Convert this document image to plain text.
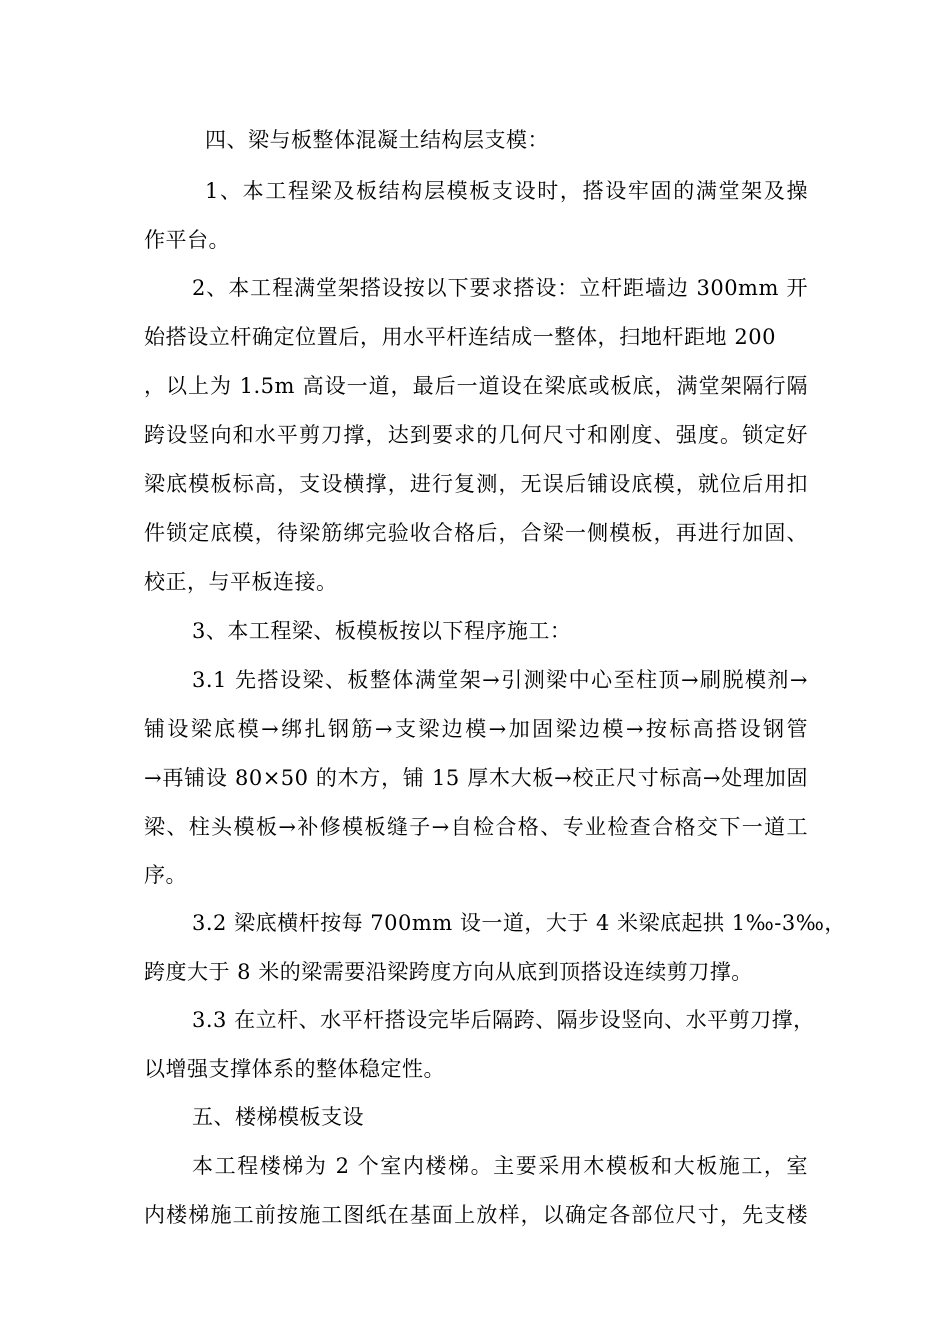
四、梁与板整体混凝土结构层支模：
1、本工程梁及板结构层模板支设时，搭设牢固的满堂架及操
作平台。
2、本工程满堂架搭设按以下要求搭设：立杆距墙边 300mm 开
始搭设立杆确定位置后，用水平杆连结成一整体，扫地杆距地 200
，以上为 1.5m 高设一道，最后一道设在梁底或板底，满堂架隔行隔
跨设竖向和水平剪刀撑，达到要求的几何尺寸和刚度、强度。锁定好
梁底模板标高，支设横撑，进行复测，无误后铺设底模，就位后用扣
件锁定底模，待梁筋绑完验收合格后，合梁一侧模板，再进行加固、
校正，与平板连接。
3、本工程梁、板模板按以下程序施工：
3.1 先搭设梁、板整体满堂架→引测梁中心至柱顶→刷脱模剂→
铺设梁底模→绑扎钢筋→支梁边模→加固梁边模→按标高搭设钢管
→再铺设 80×50 的木方，铺 15 厚木大板→校正尺寸标高→处理加固
梁、柱头模板→补修模板缝子→自检合格、专业检查合格交下一道工
序。
3.2 梁底横杆按每 700mm 设一道，大于 4 米梁底起拱 1‰-3‰，
跨度大于 8 米的梁需要沿梁跨度方向从底到顶搭设连续剪刀撑。
3.3 在立杆、水平杆搭设完毕后隔跨、隔步设竖向、水平剪刀撑，
以增强支撑体系的整体稳定性。
五、楼梯模板支设
本工程楼梯为 2 个室内楼梯。主要采用木模板和大板施工，室
内楼梯施工前按施工图纸在基面上放样，以确定各部位尺寸，先支楼
